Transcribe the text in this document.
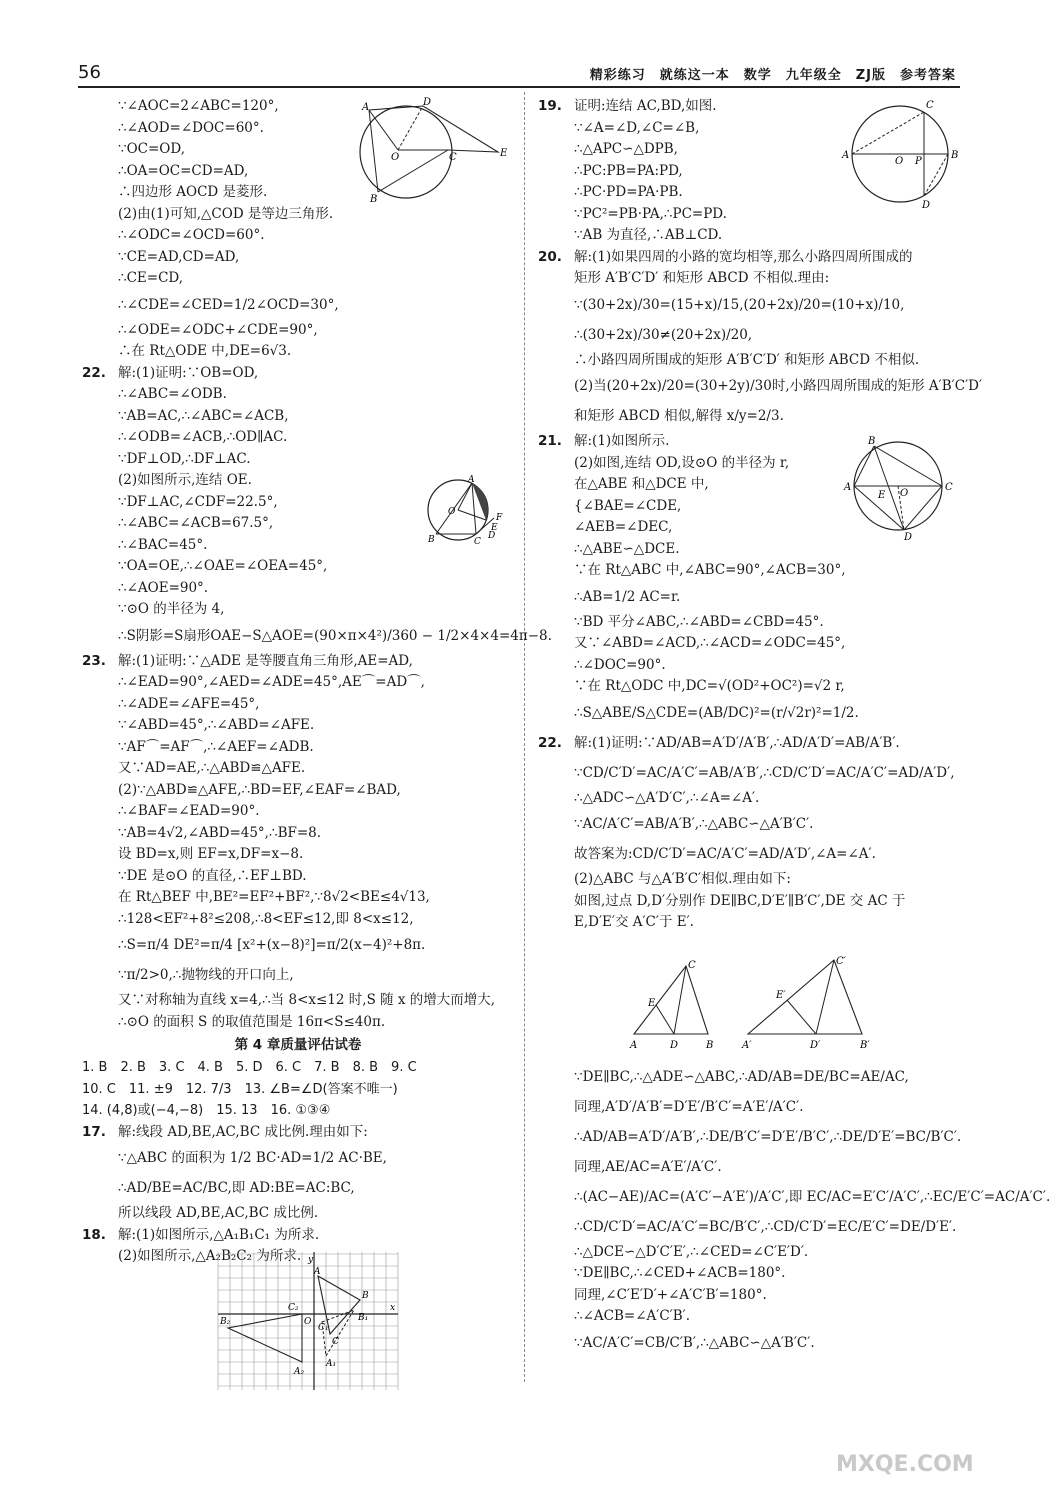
56	精彩练习　就练这一本　数学　九年级全　ZJ版　参考答案
∵∠AOC=2∠ABC=120°,
∴∠AOD=∠DOC=60°.
∵OC=OD,
∴OA=OC=CD=AD,
∴四边形 AOCD 是菱形.
(2)由(1)可知,△COD 是等边三角形.
∴∠ODC=∠OCD=60°.
∵CE=AD,CD=AD,
∴CE=CD,
∴∠CDE=∠CED=1/2∠OCD=30°,
∴∠ODE=∠ODC+∠CDE=90°,
∴在 Rt△ODE 中,DE=6√3.
22. 解:(1)证明:∵OB=OD,
∴∠ABC=∠ODB.
∵AB=AC,∴∠ABC=∠ACB,
∴∠ODB=∠ACB,∴OD∥AC.
∵DF⊥OD,∴DF⊥AC.
(2)如图所示,连结 OE.
∵DF⊥AC,∠CDF=22.5°,
∴∠ABC=∠ACB=67.5°,
∴∠BAC=45°.
∵OA=OE,∴∠OAE=∠OEA=45°,
∴∠AOE=90°.
∵⊙O 的半径为 4,
∴S阴影=S扇形OAE−S△AOE=(90×π×4²)/360 − 1/2×4×4=4π−8.
23. 解:(1)证明:∵△ADE 是等腰直角三角形,AE=AD,
∴∠EAD=90°,∠AED=∠ADE=45°,AE⌒=AD⌒,
∴∠ADE=∠AFE=45°,
∵∠ABD=45°,∴∠ABD=∠AFE.
∵AF⌒=AF⌒,∴∠AEF=∠ADB.
又∵AD=AE,∴△ABD≌△AFE.
(2)∵△ABD≌△AFE,∴BD=EF,∠EAF=∠BAD,
∴∠BAF=∠EAD=90°.
∵AB=4√2,∠ABD=45°,∴BF=8.
设 BD=x,则 EF=x,DF=x−8.
∵DE 是⊙O 的直径,∴EF⊥BD.
在 Rt△BEF 中,BE²=EF²+BF²,∵8√2<BE≤4√13,
∴128<EF²+8²≤208,∴8<EF≤12,即 8<x≤12,
∴S=π/4 DE²=π/4 [x²+(x−8)²]=π/2(x−4)²+8π.
∵π/2>0,∴抛物线的开口向上,
又∵对称轴为直线 x=4,∴当 8<x≤12 时,S 随 x 的增大而增大,
∴⊙O 的面积 S 的取值范围是 16π<S≤40π.
第 4 章质量评估试卷
1. B　2. B　3. C　4. B　5. D　6. C　7. B　8. B　9. C
10. C　11. ±9　12. 7/3　13. ∠B=∠D(答案不唯一)
14. (4,8)或(−4,−8)　15. 13　16. ①③④
17. 解:线段 AD,BE,AC,BC 成比例.理由如下:
∵△ABC 的面积为 1/2 BC·AD=1/2 AC·BE,
∴AD/BE=AC/BC,即 AD:BE=AC:BC,
所以线段 AD,BE,AC,BC 成比例.
18. 解:(1)如图所示,△A₁B₁C₁ 为所求.
(2)如图所示,△A₂B₂C₂ 为所求.
19. 证明:连结 AC,BD,如图.
∵∠A=∠D,∠C=∠B,
∴△APC∽△DPB,
∴PC:PB=PA:PD,
∴PC·PD=PA·PB.
∵PC²=PB·PA,∴PC=PD.
∵AB 为直径,∴AB⊥CD.
20. 解:(1)如果四周的小路的宽均相等,那么小路四周所围成的
矩形 A′B′C′D′ 和矩形 ABCD 不相似.理由:
∵(30+2x)/30=(15+x)/15,(20+2x)/20=(10+x)/10,
∴(30+2x)/30≠(20+2x)/20,
∴小路四周所围成的矩形 A′B′C′D′ 和矩形 ABCD 不相似.
(2)当(20+2x)/20=(30+2y)/30时,小路四周所围成的矩形 A′B′C′D′
和矩形 ABCD 相似,解得 x/y=2/3.
21. 解:(1)如图所示.
(2)如图,连结 OD,设⊙O 的半径为 r,
在△ABE 和△DCE 中,
{∠BAE=∠CDE,
∠AEB=∠DEC,
∴△ABE∽△DCE.
∵在 Rt△ABC 中,∠ABC=90°,∠ACB=30°,
∴AB=1/2 AC=r.
∵BD 平分∠ABC,∴∠ABD=∠CBD=45°.
又∵∠ABD=∠ACD,∴∠ACD=∠ODC=45°,
∴∠DOC=90°.
∵在 Rt△ODC 中,DC=√(OD²+OC²)=√2 r,
∴S△ABE/S△CDE=(AB/DC)²=(r/√2r)²=1/2.
22. 解:(1)证明:∵AD/AB=A′D′/A′B′,∴AD/A′D′=AB/A′B′.
∵CD/C′D′=AC/A′C′=AB/A′B′,∴CD/C′D′=AC/A′C′=AD/A′D′,
∴△ADC∽△A′D′C′,∴∠A=∠A′.
∵AC/A′C′=AB/A′B′,∴△ABC∽△A′B′C′.
故答案为:CD/C′D′=AC/A′C′=AD/A′D′,∠A=∠A′.
(2)△ABC 与△A′B′C′相似.理由如下:
如图,过点 D,D′分别作 DE∥BC,D′E′∥B′C′,DE 交 AC 于
E,D′E′交 A′C′于 E′.
∵DE∥BC,∴△ADE∽△ABC,∴AD/AB=DE/BC=AE/AC,
同理,A′D′/A′B′=D′E′/B′C′=A′E′/A′C′.
∴AD/AB=A′D′/A′B′,∴DE/B′C′=D′E′/B′C′,∴DE/D′E′=BC/B′C′.
同理,AE/AC=A′E′/A′C′.
∴(AC−AE)/AC=(A′C′−A′E′)/A′C′,即 EC/AC=E′C′/A′C′,∴EC/E′C′=AC/A′C′.
∴CD/C′D′=AC/A′C′=BC/B′C′,∴CD/C′D′=EC/E′C′=DE/D′E′.
∴△DCE∽△D′C′E′,∴∠CED=∠C′E′D′.
∵DE∥BC,∴∠CED+∠ACB=180°.
同理,∠C′E′D′+∠A′C′B′=180°.
∴∠ACB=∠A′C′B′.
∵AC/A′C′=CB/C′B′,∴△ABC∽△A′B′C′.
A	D
O	C	E
B
A
O
B	C
D
E
F
A
C
O P
B
D
B
A
E O
C
D
E
C
A	D	B
C′
E′
A′	D′	B′
y
x
O
A
B
C
A₁
B₁
C₁
A₂
B₂
C₂
MXQE.COM
